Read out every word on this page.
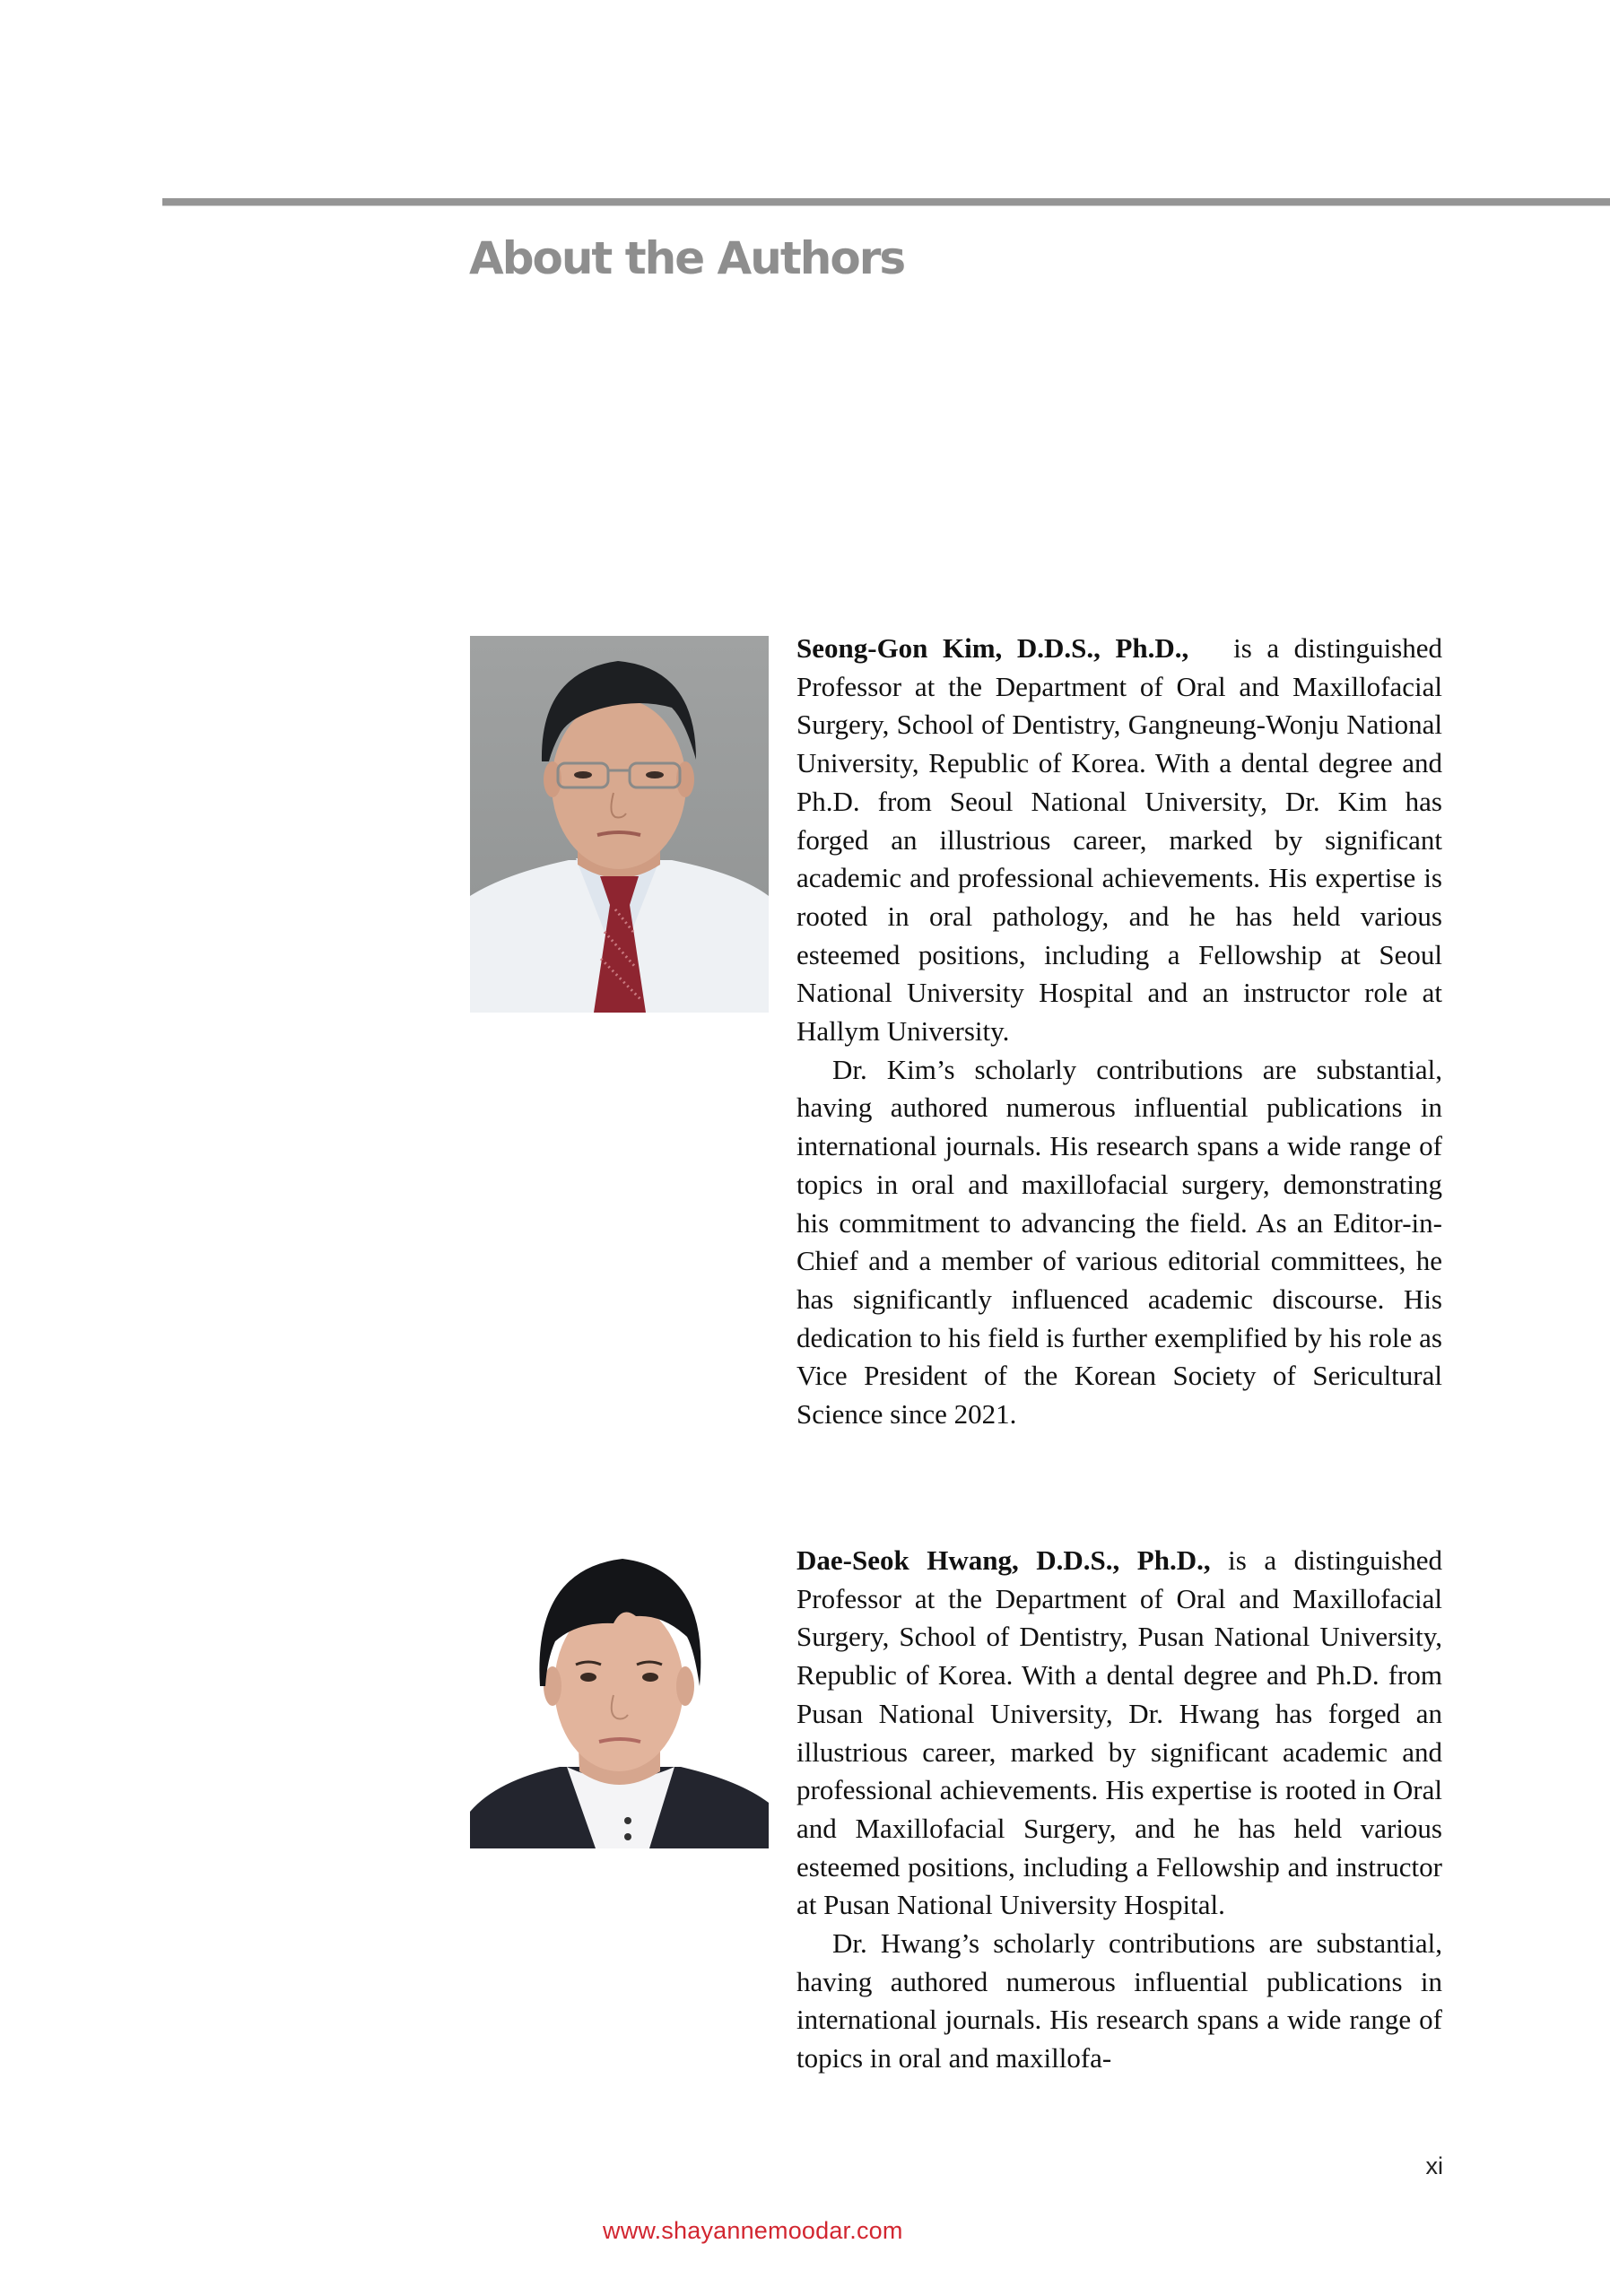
About the Authors

Seong-Gon Kim, D.D.S., Ph.D., is a distinguished Professor at the Department of Oral and Maxillofacial Surgery, School of Dentistry, Gangneung-Wonju National University, Republic of Korea. With a dental degree and Ph.D. from Seoul National University, Dr. Kim has forged an illustrious career, marked by significant academic and professional achievements. His expertise is rooted in oral pathology, and he has held various esteemed positions, including a Fellowship at Seoul National University Hospital and an instructor role at Hallym University.

Dr. Kim’s scholarly contributions are substantial, having authored numerous influential publications in international journals. His research spans a wide range of topics in oral and maxillofacial surgery, demonstrating his commitment to advancing the field. As an Editor-in-Chief and a member of various editorial committees, he has significantly influenced academic discourse. His dedication to his field is further exemplified by his role as Vice President of the Korean Society of Sericultural Science since 2021.

Dae-Seok Hwang, D.D.S., Ph.D., is a distinguished Professor at the Department of Oral and Maxillofacial Surgery, School of Dentistry, Pusan National University, Republic of Korea. With a dental degree and Ph.D. from Pusan National University, Dr. Hwang has forged an illustrious career, marked by significant academic and professional achievements. His expertise is rooted in Oral and Maxillofacial Surgery, and he has held various esteemed positions, including a Fellowship and instructor at Pusan National University Hospital.

Dr. Hwang’s scholarly contributions are substantial, having authored numerous influential publications in international journals. His research spans a wide range of topics in oral and maxillofa-

xi
www.shayannemoodar.com
